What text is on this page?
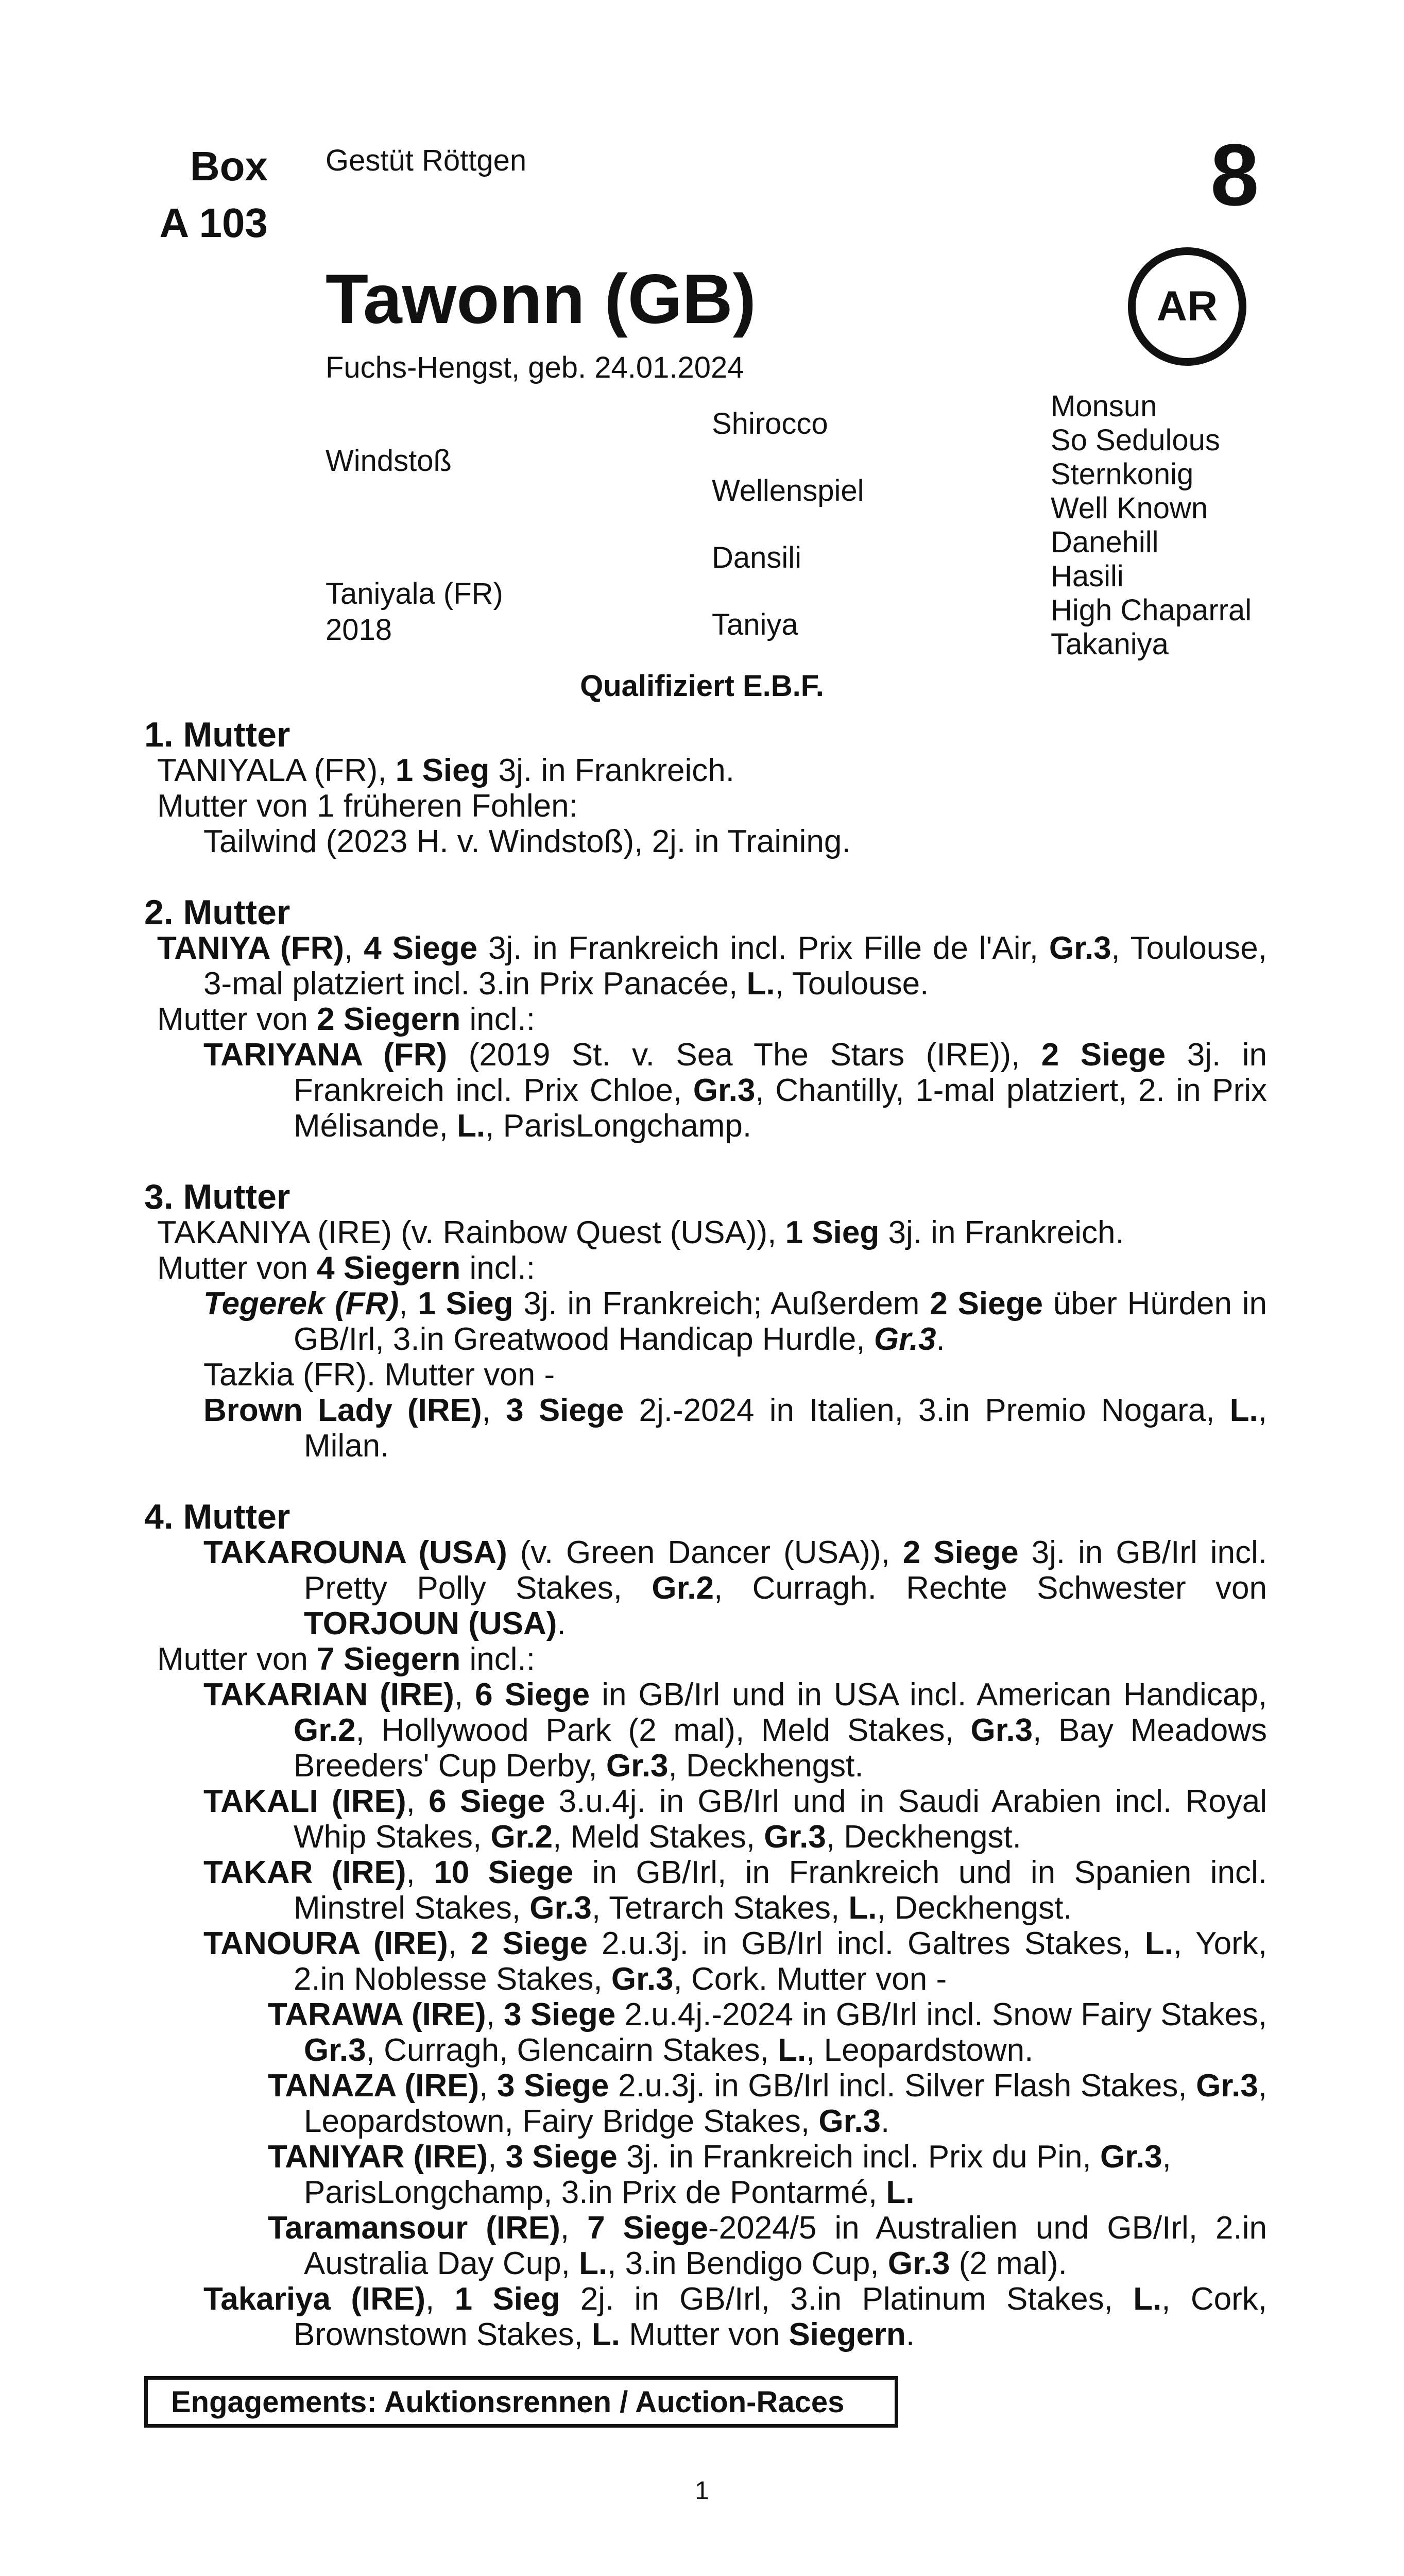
Box
A 103
Gestüt Röttgen	8
Tawonn (GB)	AR
Fuchs-Hengst, geb. 24.01.2024
Windstoß
Taniyala (FR)
2018
Shirocco
Wellenspiel
Dansili
Taniya
Monsun
So Sedulous
Sternkonig
Well Known
Danehill
Hasili
High Chaparral
Takaniya
Qualifiziert E.B.F.
1. Mutter

TANIYALA (FR), 1 Sieg 3j. in Frankreich.

Mutter von 1 früheren Fohlen:

Tailwind (2023 H. v. Windstoß), 2j. in Training.

2. Mutter

TANIYA (FR), 4 Siege 3j. in Frankreich incl. Prix Fille de l'Air, Gr.3, Toulouse, 3-mal platziert incl. 3.in Prix Panacée, L., Toulouse.

Mutter von 2 Siegern incl.:

TARIYANA (FR) (2019 St. v. Sea The Stars (IRE)), 2 Siege 3j. in Frankreich incl. Prix Chloe, Gr.3, Chantilly, 1-mal platziert, 2. in Prix Mélisande, L., ParisLongchamp.

3. Mutter

TAKANIYA (IRE) (v. Rainbow Quest (USA)), 1 Sieg 3j. in Frankreich.

Mutter von 4 Siegern incl.:

Tegerek (FR), 1 Sieg 3j. in Frankreich; Außerdem 2 Siege über Hürden in GB/Irl, 3.in Greatwood Handicap Hurdle, Gr.3.

Tazkia (FR). Mutter von -

Brown Lady (IRE), 3 Siege 2j.-2024 in Italien, 3.in Premio Nogara, L., Milan.

4. Mutter

TAKAROUNA (USA) (v. Green Dancer (USA)), 2 Siege 3j. in GB/Irl incl. Pretty Polly Stakes, Gr.2, Curragh. Rechte Schwester von TORJOUN (USA).

Mutter von 7 Siegern incl.:

TAKARIAN (IRE), 6 Siege in GB/Irl und in USA incl. American Handicap, Gr.2, Hollywood Park (2 mal), Meld Stakes, Gr.3, Bay Meadows Breeders' Cup Derby, Gr.3, Deckhengst.

TAKALI (IRE), 6 Siege 3.u.4j. in GB/Irl und in Saudi Arabien incl. Royal Whip Stakes, Gr.2, Meld Stakes, Gr.3, Deckhengst.

TAKAR (IRE), 10 Siege in GB/Irl, in Frankreich und in Spanien incl. Minstrel Stakes, Gr.3, Tetrarch Stakes, L., Deckhengst.

TANOURA (IRE), 2 Siege 2.u.3j. in GB/Irl incl. Galtres Stakes, L., York, 2.in Noblesse Stakes, Gr.3, Cork. Mutter von -

TARAWA (IRE), 3 Siege 2.u.4j.-2024 in GB/Irl incl. Snow Fairy Stakes, Gr.3, Curragh, Glencairn Stakes, L., Leopardstown.

TANAZA (IRE), 3 Siege 2.u.3j. in GB/Irl incl. Silver Flash Stakes, Gr.3, Leopardstown, Fairy Bridge Stakes, Gr.3.

TANIYAR (IRE), 3 Siege 3j. in Frankreich incl. Prix du Pin, Gr.3, ParisLongchamp, 3.in Prix de Pontarmé, L.

Taramansour (IRE), 7 Siege-2024/5 in Australien und GB/Irl, 2.in Australia Day Cup, L., 3.in Bendigo Cup, Gr.3 (2 mal).

Takariya (IRE), 1 Sieg 2j. in GB/Irl, 3.in Platinum Stakes, L., Cork, Brownstown Stakes, L. Mutter von Siegern.

Engagements: Auktionsrennen / Auction-Races
1
